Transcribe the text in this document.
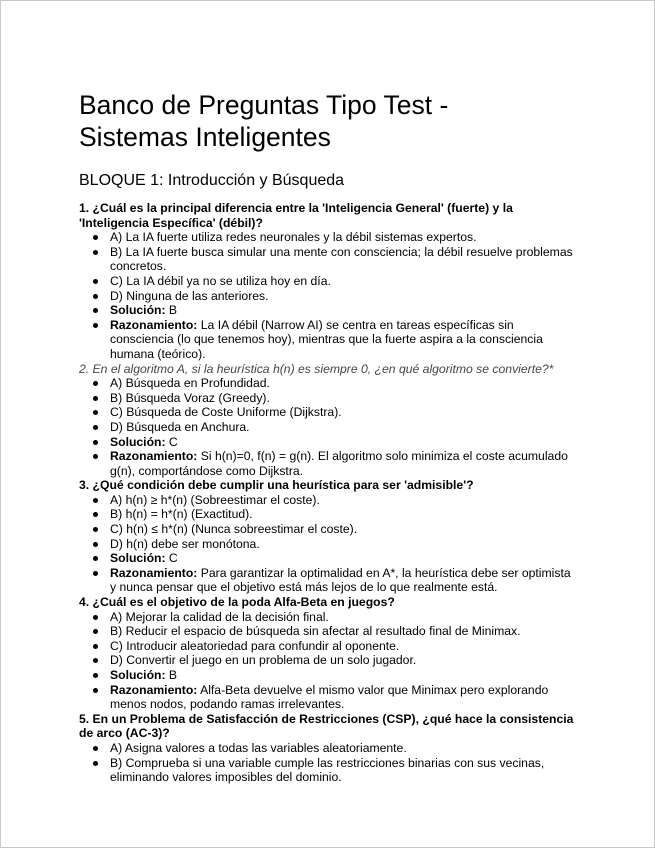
Banco de Preguntas Tipo Test -
Sistemas Inteligentes
BLOQUE 1: Introducción y Búsqueda

1. ¿Cuál es la principal diferencia entre la 'Inteligencia General' (fuerte) y la 'Inteligencia Específica' (débil)?

A) La IA fuerte utiliza redes neuronales y la débil sistemas expertos.
B) La IA fuerte busca simular una mente con consciencia; la débil resuelve problemas concretos.
C) La IA débil ya no se utiliza hoy en día.
D) Ninguna de las anteriores.
Solución: B
Razonamiento: La IA débil (Narrow AI) se centra en tareas específicas sin consciencia (lo que tenemos hoy), mientras que la fuerte aspira a la consciencia humana (teórico).

2. En el algoritmo A, si la heurística h(n) es siempre 0, ¿en qué algoritmo se convierte?*

A) Búsqueda en Profundidad.
B) Búsqueda Voraz (Greedy).
C) Búsqueda de Coste Uniforme (Dijkstra).
D) Búsqueda en Anchura.
Solución: C
Razonamiento: Si h(n)=0, f(n) = g(n). El algoritmo solo minimiza el coste acumulado g(n), comportándose como Dijkstra.

3. ¿Qué condición debe cumplir una heurística para ser 'admisible'?

A) h(n) ≥ h*(n) (Sobreestimar el coste).
B) h(n) = h*(n) (Exactitud).
C) h(n) ≤ h*(n) (Nunca sobreestimar el coste).
D) h(n) debe ser monótona.
Solución: C
Razonamiento: Para garantizar la optimalidad en A*, la heurística debe ser optimista y nunca pensar que el objetivo está más lejos de lo que realmente está.

4. ¿Cuál es el objetivo de la poda Alfa-Beta en juegos?

A) Mejorar la calidad de la decisión final.
B) Reducir el espacio de búsqueda sin afectar al resultado final de Minimax.
C) Introducir aleatoriedad para confundir al oponente.
D) Convertir el juego en un problema de un solo jugador.
Solución: B
Razonamiento: Alfa-Beta devuelve el mismo valor que Minimax pero explorando menos nodos, podando ramas irrelevantes.

5. En un Problema de Satisfacción de Restricciones (CSP), ¿qué hace la consistencia de arco (AC-3)?

A) Asigna valores a todas las variables aleatoriamente.
B) Comprueba si una variable cumple las restricciones binarias con sus vecinas, eliminando valores imposibles del dominio.
